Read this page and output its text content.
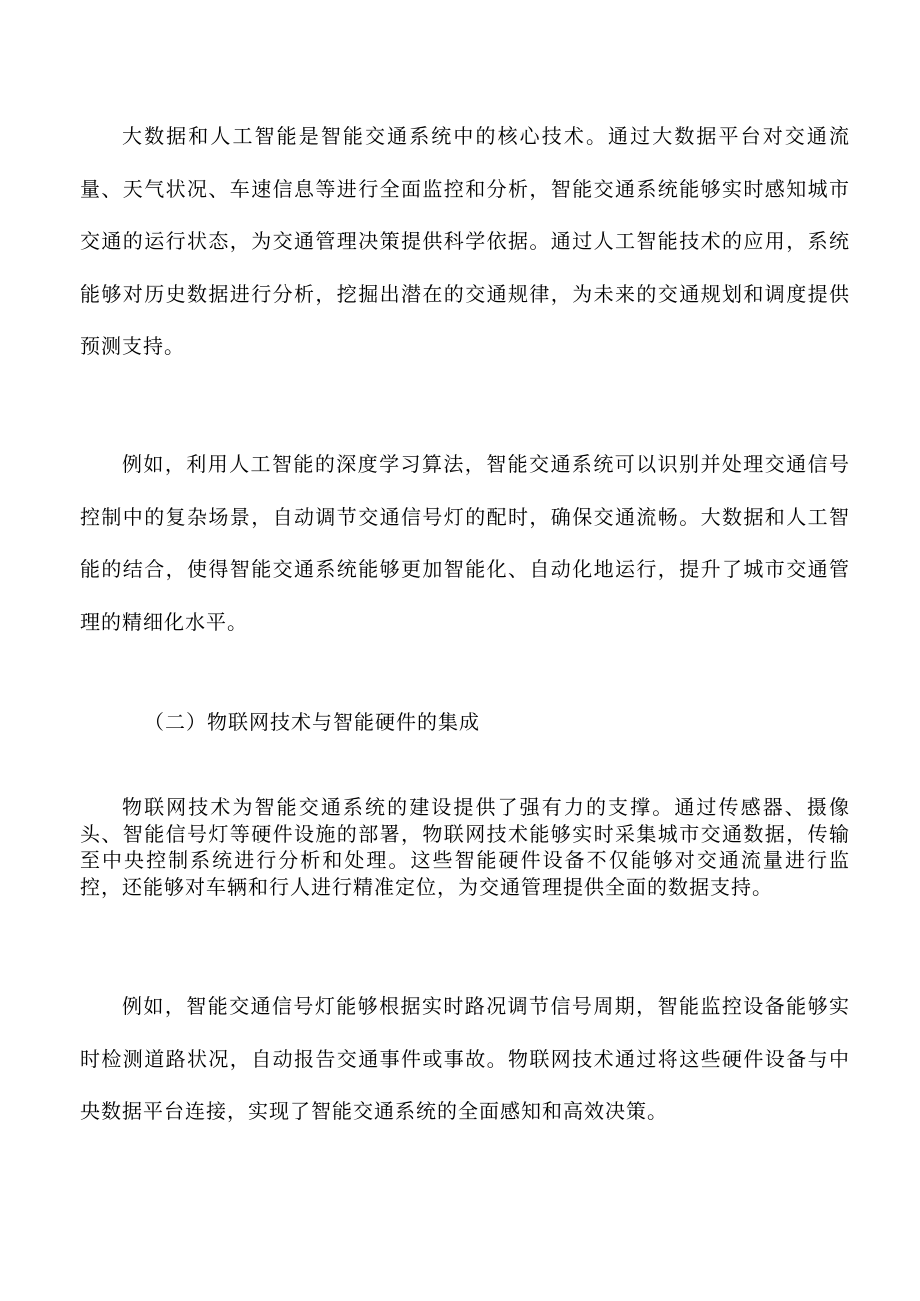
大数据和人工智能是智能交通系统中的核心技术。通过大数据平台对交通流量、天气状况、车速信息等进行全面监控和分析，智能交通系统能够实时感知城市交通的运行状态，为交通管理决策提供科学依据。通过人工智能技术的应用，系统能够对历史数据进行分析，挖掘出潜在的交通规律，为未来的交通规划和调度提供预测支持。

例如，利用人工智能的深度学习算法，智能交通系统可以识别并处理交通信号控制中的复杂场景，自动调节交通信号灯的配时，确保交通流畅。大数据和人工智能的结合，使得智能交通系统能够更加智能化、自动化地运行，提升了城市交通管理的精细化水平。

（二）物联网技术与智能硬件的集成

物联网技术为智能交通系统的建设提供了强有力的支撑。通过传感器、摄像头、智能信号灯等硬件设施的部署，物联网技术能够实时采集城市交通数据，传输至中央控制系统进行分析和处理。这些智能硬件设备不仅能够对交通流量进行监控，还能够对车辆和行人进行精准定位，为交通管理提供全面的数据支持。

例如，智能交通信号灯能够根据实时路况调节信号周期，智能监控设备能够实时检测道路状况，自动报告交通事件或事故。物联网技术通过将这些硬件设备与中央数据平台连接，实现了智能交通系统的全面感知和高效决策。
